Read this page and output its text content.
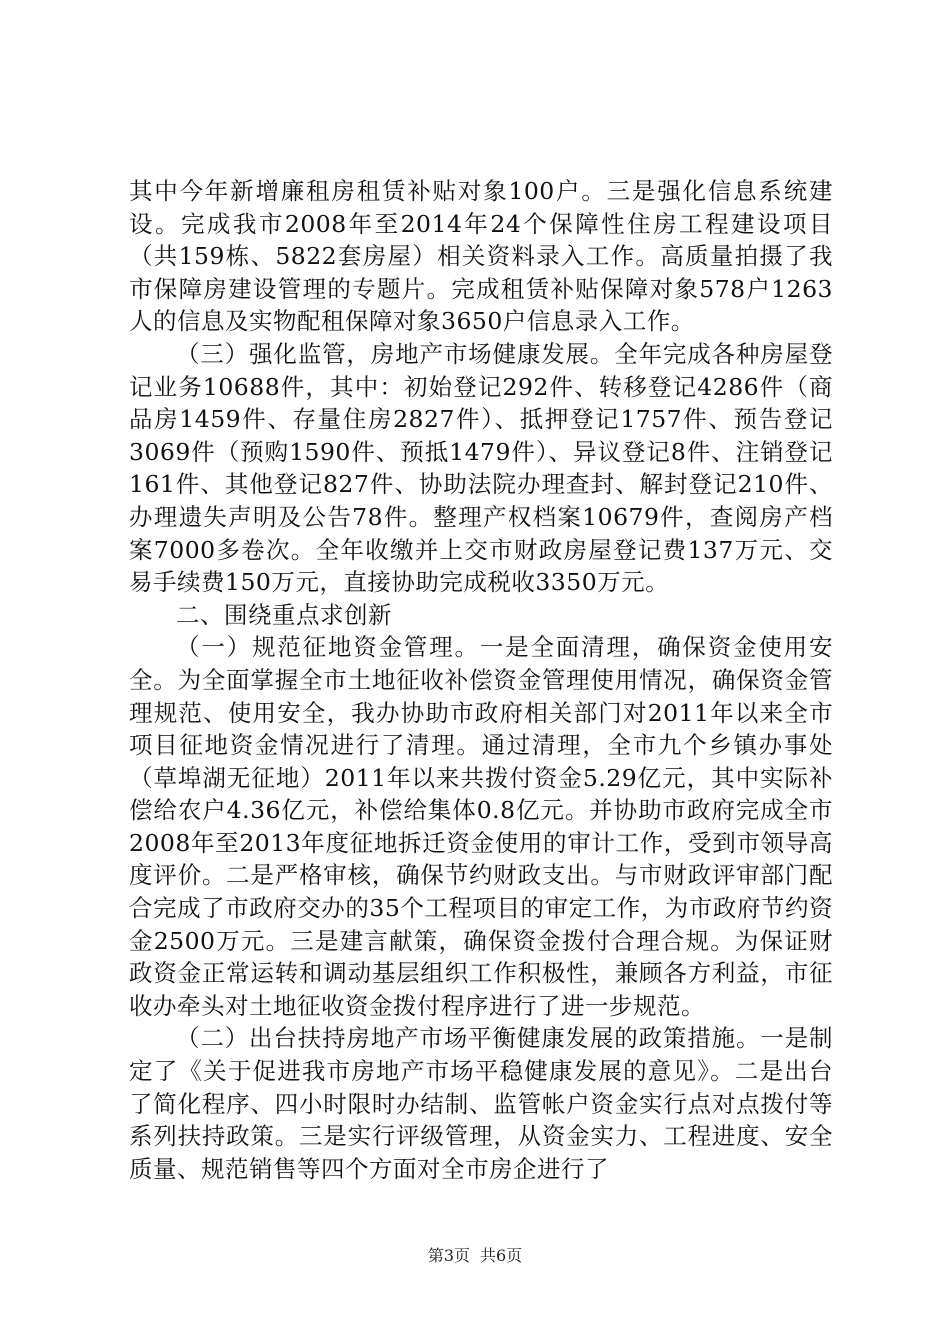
其中今年新增廉租房租赁补贴对象100户。三是强化信息系统建设。完成我市2008年至2014年24个保障性住房工程建设项目（共159栋、5822套房屋）相关资料录入工作。高质量拍摄了我市保障房建设管理的专题片。完成租赁补贴保障对象578户1263人的信息及实物配租保障对象3650户信息录入工作。

（三）强化监管，房地产市场健康发展。全年完成各种房屋登记业务10688件，其中：初始登记292件、转移登记4286件（商品房1459件、存量住房2827件）、抵押登记1757件、预告登记3069件（预购1590件、预抵1479件）、异议登记8件、注销登记161件、其他登记827件、协助法院办理查封、解封登记210件、办理遗失声明及公告78件。整理产权档案10679件，查阅房产档案7000多卷次。全年收缴并上交市财政房屋登记费137万元、交易手续费150万元，直接协助完成税收3350万元。

二、围绕重点求创新

（一）规范征地资金管理。一是全面清理，确保资金使用安全。为全面掌握全市土地征收补偿资金管理使用情况，确保资金管理规范、使用安全，我办协助市政府相关部门对2011年以来全市项目征地资金情况进行了清理。通过清理，全市九个乡镇办事处（草埠湖无征地）2011年以来共拨付资金5.29亿元，其中实际补偿给农户4.36亿元，补偿给集体0.8亿元。并协助市政府完成全市2008年至2013年度征地拆迁资金使用的审计工作，受到市领导高度评价。二是严格审核，确保节约财政支出。与市财政评审部门配合完成了市政府交办的35个工程项目的审定工作，为市政府节约资金2500万元。三是建言献策，确保资金拨付合理合规。为保证财政资金正常运转和调动基层组织工作积极性，兼顾各方利益，市征收办牵头对土地征收资金拨付程序进行了进一步规范。

（二）出台扶持房地产市场平衡健康发展的政策措施。一是制定了《关于促进我市房地产市场平稳健康发展的意见》。二是出台了简化程序、四小时限时办结制、监管帐户资金实行点对点拨付等系列扶持政策。三是实行评级管理，从资金实力、工程进度、安全质量、规范销售等四个方面对全市房企进行了

第3页 共6页
